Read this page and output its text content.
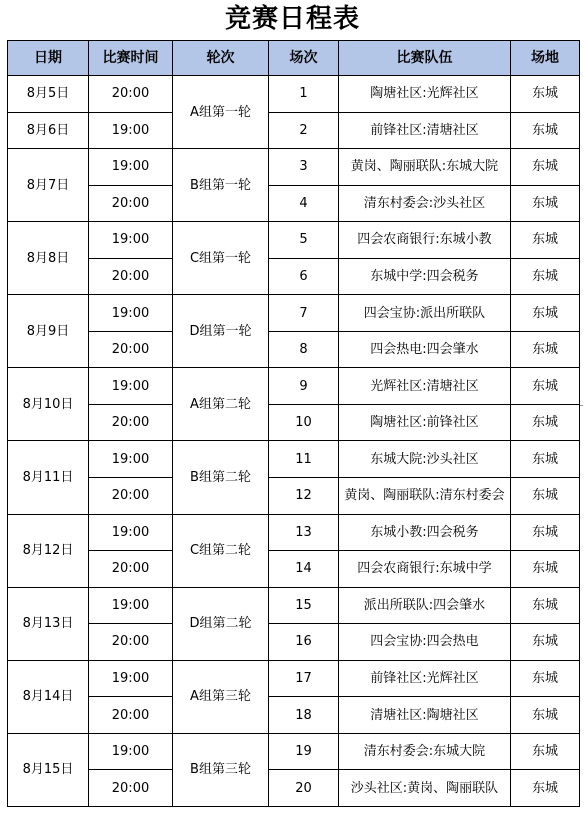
竞赛日程表
日期	比赛时间	轮次	场次	比赛队伍	场地
8月5日	20:00	A组第一轮	1	陶塘社区:光辉社区	东城
8月6日	19:00		2	前锋社区:清塘社区	东城
8月7日	19:00	B组第一轮	3	黄岗、陶丽联队:东城大院	东城
	20:00		4	清东村委会:沙头社区	东城
8月8日	19:00	C组第一轮	5	四会农商银行:东城小教	东城
	20:00		6	东城中学:四会税务	东城
8月9日	19:00	D组第一轮	7	四会宝协:派出所联队	东城
	20:00		8	四会热电:四会肇水	东城
8月10日	19:00	A组第二轮	9	光辉社区:清塘社区	东城
	20:00		10	陶塘社区:前锋社区	东城
8月11日	19:00	B组第二轮	11	东城大院:沙头社区	东城
	20:00		12	黄岗、陶丽联队:清东村委会	东城
8月12日	19:00	C组第二轮	13	东城小教:四会税务	东城
	20:00		14	四会农商银行:东城中学	东城
8月13日	19:00	D组第二轮	15	派出所联队:四会肇水	东城
	20:00		16	四会宝协:四会热电	东城
8月14日	19:00	A组第三轮	17	前锋社区:光辉社区	东城
	20:00		18	清塘社区:陶塘社区	东城
8月15日	19:00	B组第三轮	19	清东村委会:东城大院	东城
	20:00		20	沙头社区:黄岗、陶丽联队	东城
